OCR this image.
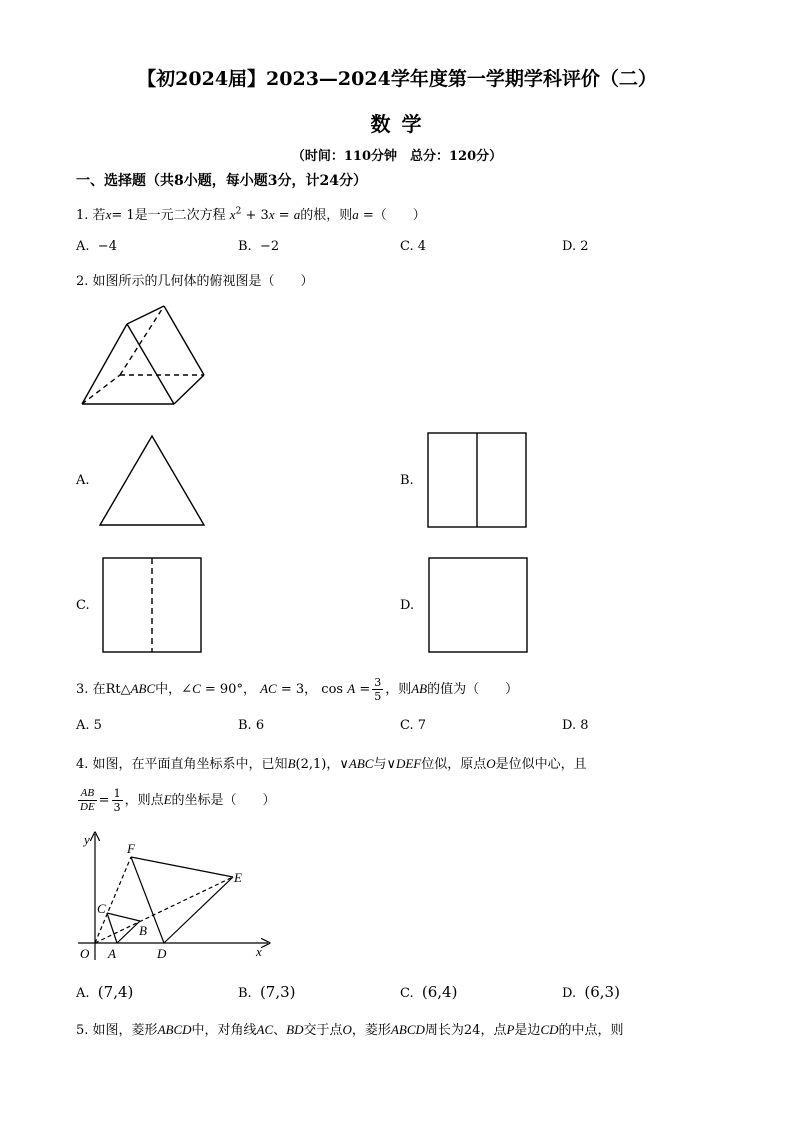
【初2024届】2023—2024学年度第一学期学科评价（二）
数 学
（时间：110分钟　总分：120分）
一、选择题（共8小题，每小题3分，计24分）
1. 若x= 1是一元二次方程 $x^2 + 3x = a$的根，则a =（　　）
A. −4	B. −2	C. 4	D. 2
2. 如图所示的几何体的俯视图是（　　）
A.	B.
C.	D.
3. 在Rt△ABC中，∠C = 90°， AC = 3， $\cos A = \frac{3}{5}$ ，则AB的值为（　　）
A. 5	B. 6	C. 7	D. 8
4. 如图，在平面直角坐标系中，已知B(2,1)，∨ABC与∨DEF位似，原点O是位似中心，且
$\frac{AB}{DE} = \frac{1}{3}$ ，则点E的坐标是（　　）
y
x
O A
B
C
D
E
F
A. (7,4)	B. (7,3)	C. (6,4)	D. (6,3)
5. 如图，菱形ABCD中，对角线AC、BD交于点O，菱形ABCD周长为24，点P是边CD的中点，则
